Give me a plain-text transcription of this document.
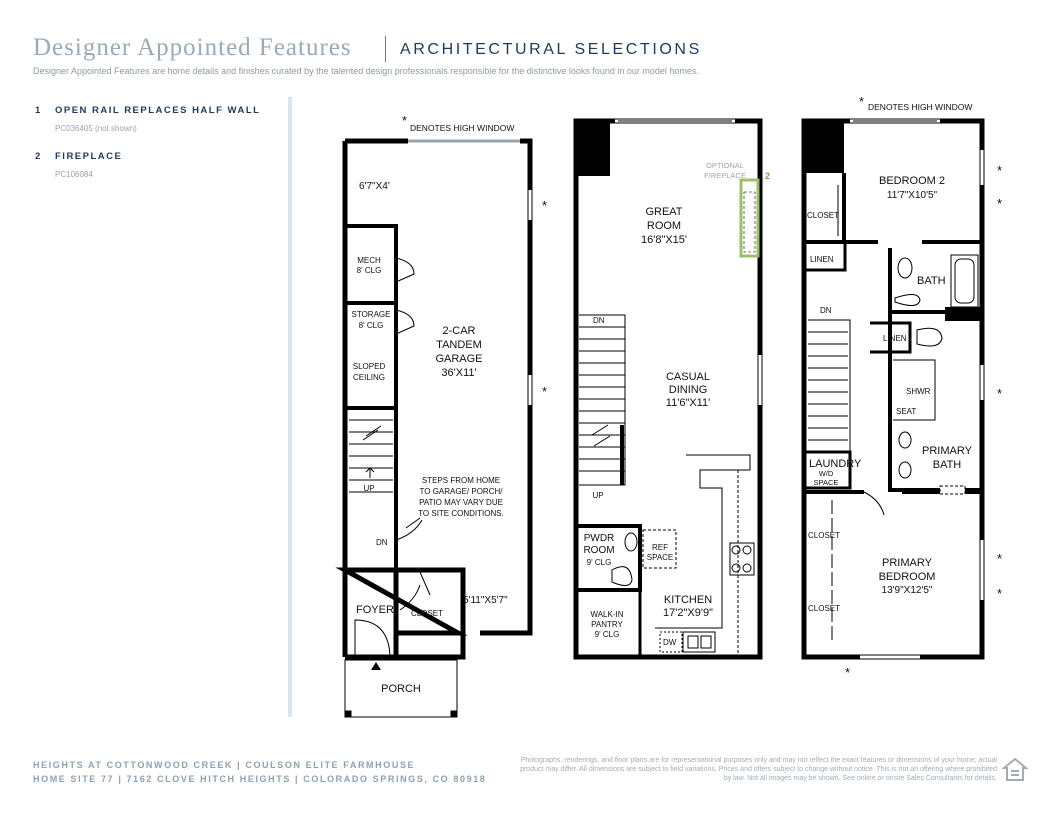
Designer Appointed Features	ARCHITECTURAL SELECTIONS
Designer Appointed Features are home details and finishes curated by the talented design professionals responsible for the distinctive looks found in our model homes.
1 OPEN RAIL REPLACES HALF WALL
PC036405 (not shown)
2 FIREPLACE
PC106084
* DENOTES HIGH WINDOW
*
*
6'7"X4'
MECH
8' CLG
STORAGE
8' CLG
SLOPED
CEILING
2-CAR
TANDEM
GARAGE
36'X11'
UP
DN
STEPS FROM HOME
TO GARAGE/ PORCH/
PATIO MAY VARY DUE
TO SITE CONDITIONS.
5'11"X5'7"
FOYER CLOSET
PORCH
OPTIONAL
FIREPLACE 2
GREAT
ROOM
16'8"X15'
DN
UP
CASUAL
DINING
11'6"X11'
PWDR
ROOM
9' CLG
REF
SPACE
KITCHEN
17'2"X9'9"
WALK-IN
PANTRY
9' CLG
DW
* DENOTES HIGH WINDOW
*
*
*
*
*
*
BEDROOM 2
11'7"X10'5"
CLOSET
LINEN
BATH
DN
LINEN
SHWR
SEAT
PRIMARY
BATH
LAUNDRY
W/D
SPACE
CLOSET
CLOSET
PRIMARY
BEDROOM
13'9"X12'5"
HEIGHTS AT COTTONWOOD CREEK | COULSON ELITE FARMHOUSE
HOME SITE 77 | 7162 CLOVE HITCH HEIGHTS | COLORADO SPRINGS, CO 80918
Photographs, renderings, and floor plans are for representational purposes only and may not reflect the exact features or dimensions of your home; actual product may differ. All dimensions are subject to field variations. Prices and offers subject to change without notice. This is not an offering where prohibited by law. Not all images may be shown. See online or onsite Sales Consultants for details.
